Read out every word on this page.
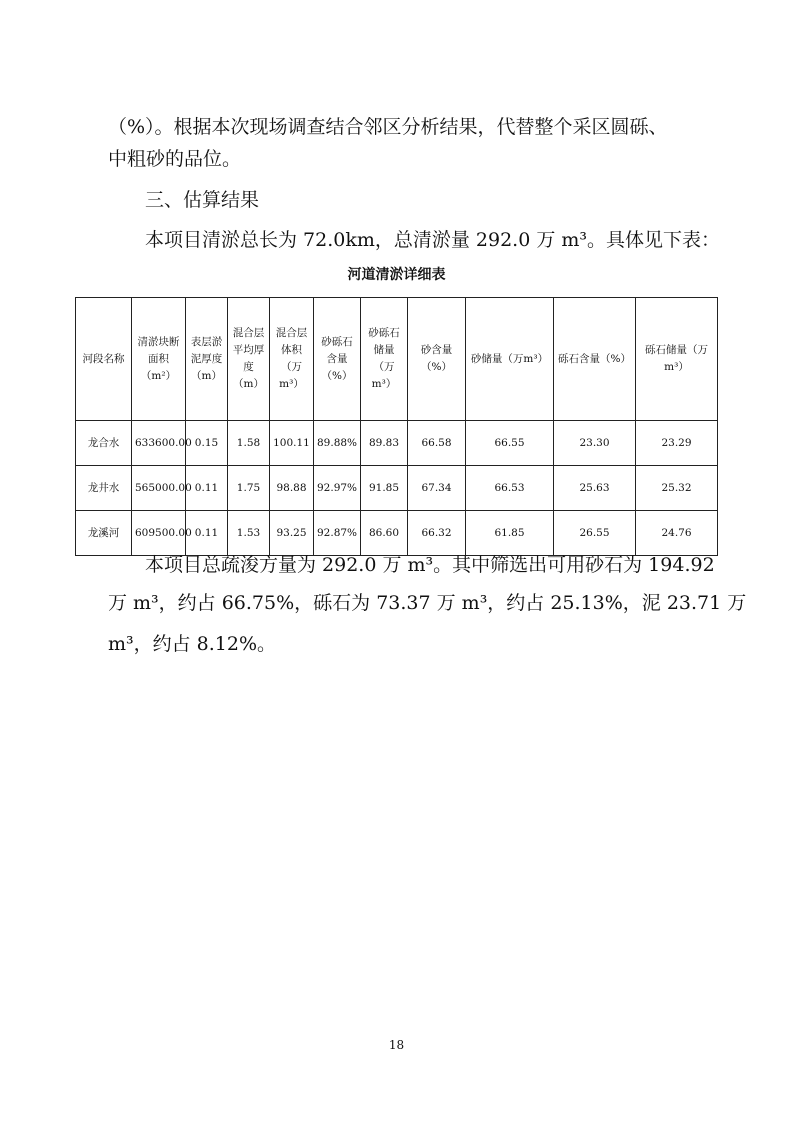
（%）。根据本次现场调查结合邻区分析结果，代替整个采区圆砾、

中粗砂的品位。

三、估算结果

本项目清淤总长为 72.0km，总清淤量 292.0 万 m³。具体见下表：

河道清淤详细表
河段名称	清淤块断面积（m²）	表层淤泥厚度（m）	混合层平均厚度（m）	混合层体积（万m³）	砂砾石含量（%）	砂砾石储量（万m³）	砂含量（%）	砂储量（万m³）	砾石含量（%）	砾石储量（万 m³）
龙合水	633600.00	0.15	1.58	100.11	89.88%	89.83	66.58	66.55	23.30	23.29
龙井水	565000.00	0.11	1.75	98.88	92.97%	91.85	67.34	66.53	25.63	25.32
龙溪河	609500.00	0.11	1.53	93.25	92.87%	86.60	66.32	61.85	26.55	24.76

本项目总疏浚方量为 292.0 万 m³。其中筛选出可用砂石为 194.92

万 m³，约占 66.75%，砾石为 73.37 万 m³，约占 25.13%，泥 23.71 万

m³，约占 8.12%。

18
